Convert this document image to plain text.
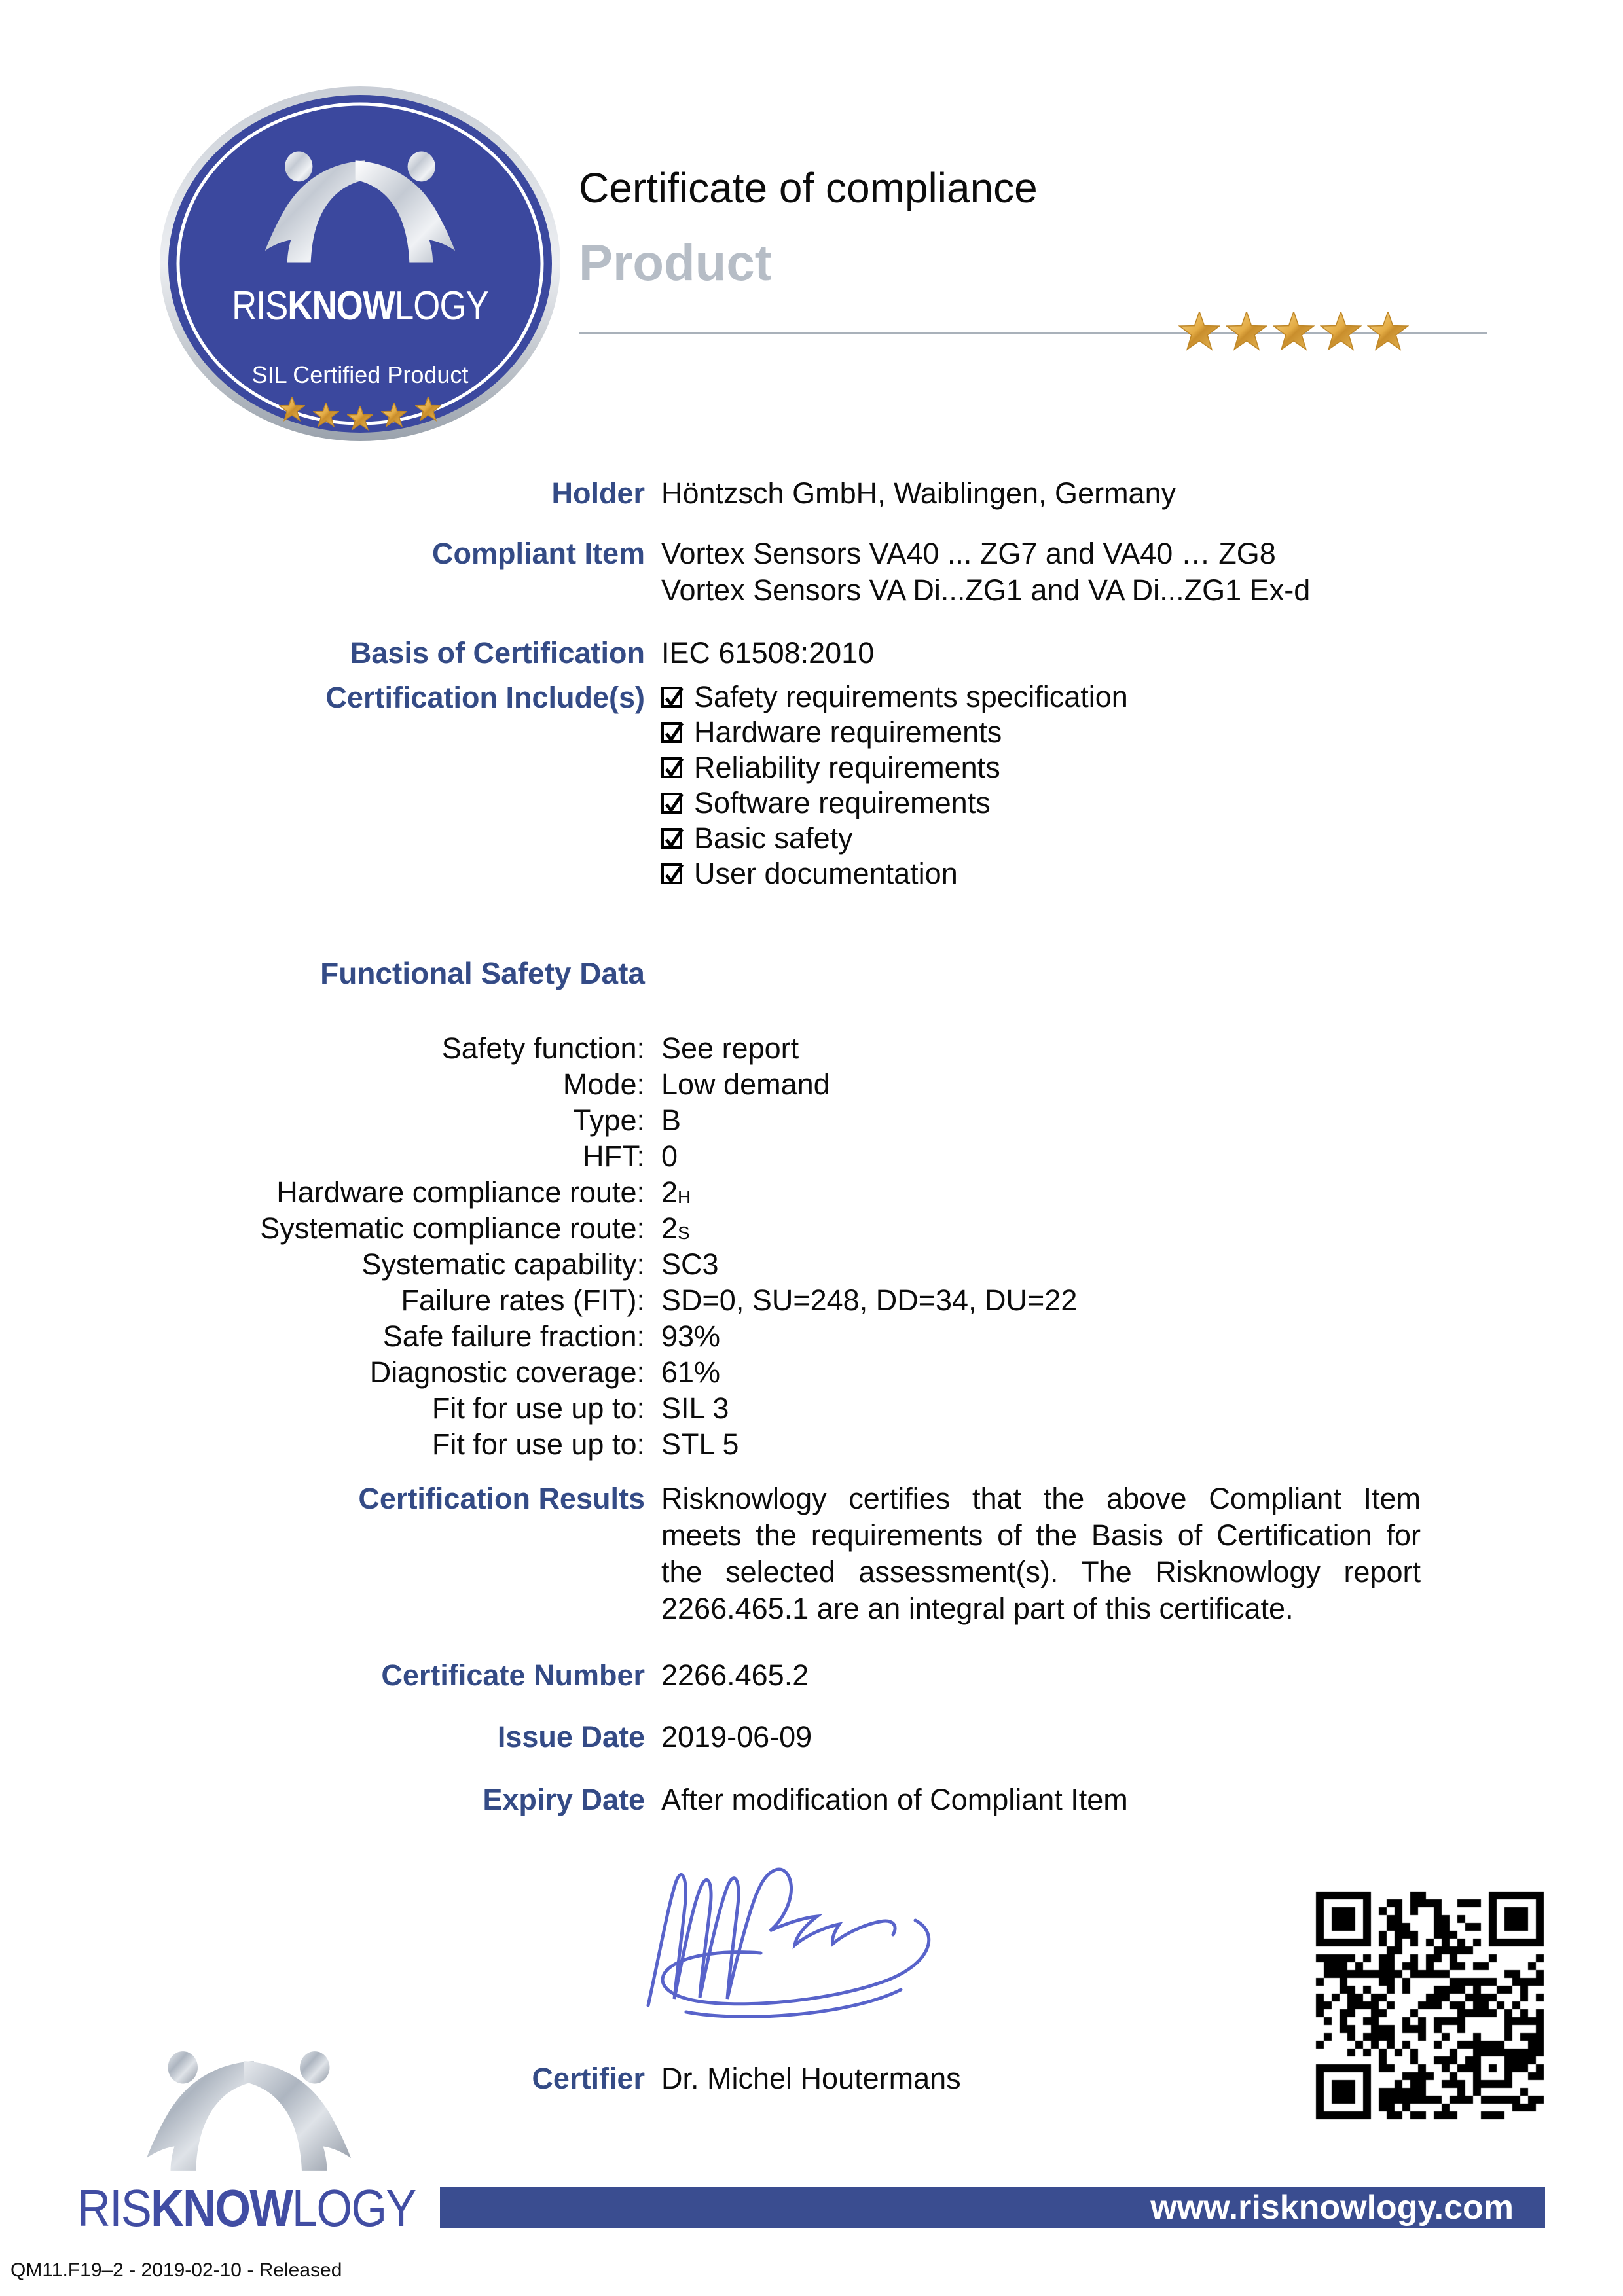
RISKNOWLOGY
SIL Certified Product
Certificate of compliance
Product
Holder Höntzsch GmbH, Waiblingen, Germany
Compliant Item Vortex Sensors VA40 ... ZG7 and VA40 … ZG8
Vortex Sensors VA Di...ZG1 and VA Di...ZG1 Ex-d
Basis of Certification IEC 61508:2010
Certification Include(s) Safety requirements specification
Hardware requirements
Reliability requirements
Software requirements
Basic safety
User documentation
Functional Safety Data
Safety function: See report
Mode: Low demand
Type: B
HFT: 0
Hardware compliance route: $2_H$
Systematic compliance route: $2_S$
Systematic capability: SC3
Failure rates (FIT): SD=0, SU=248, DD=34, DU=22
Safe failure fraction: 93%
Diagnostic coverage: 61%
Fit for use up to: SIL 3
Fit for use up to: STL 5
Certification Results Risknowlogy certifies that the above Compliant Item meets the requirements of the Basis of Certification for the selected assessment(s). The Risknowlogy report 2266.465.1 are an integral part of this certificate.
Certificate Number 2266.465.2
Issue Date 2019-06-09
Expiry Date After modification of Compliant Item
Certifier Dr. Michel Houtermans
RISKNOWLOGY	www.risknowlogy.com
QM11.F19–2 - 2019-02-10 - Released
